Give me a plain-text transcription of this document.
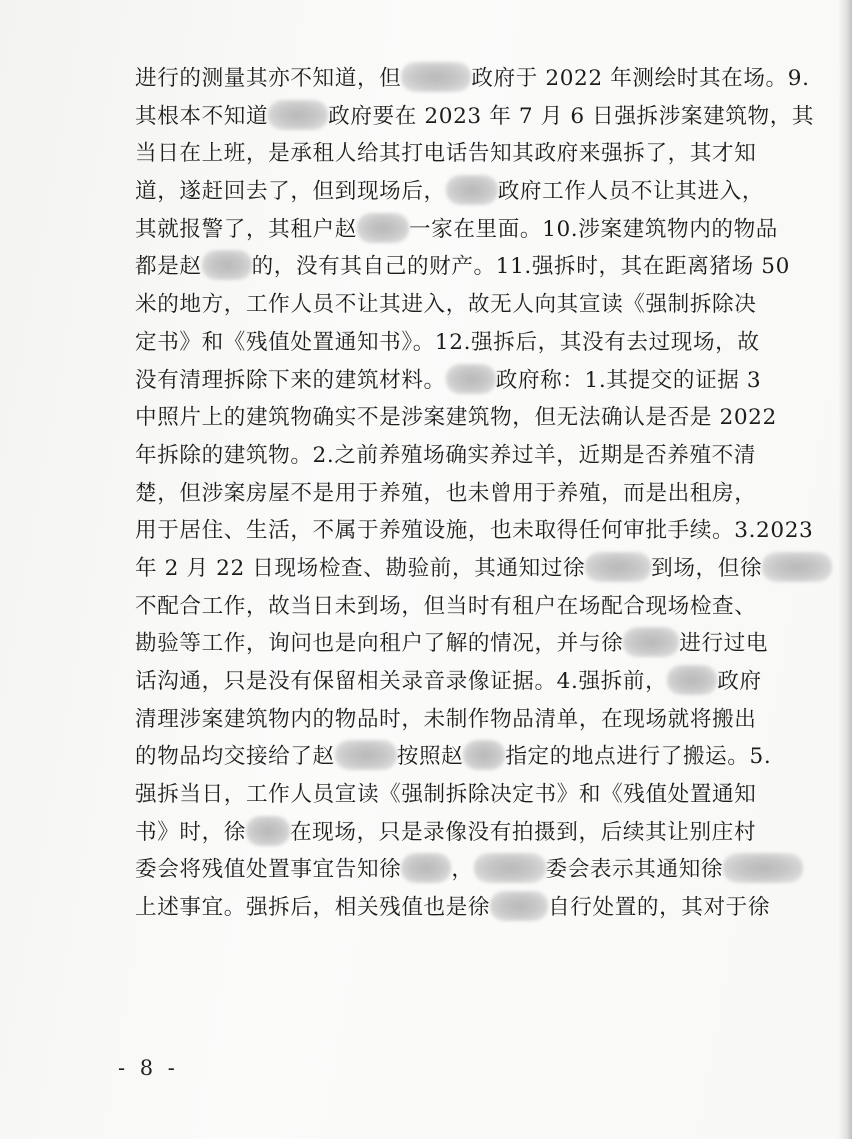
进行的测量其亦不知道，但	政府于 2022 年测绘时其在场。9.
其根本不知道	政府要在 2023 年 7 月 6 日强拆涉案建筑物，其
当日在上班，是承租人给其打电话告知其政府来强拆了，其才知
道，遂赶回去了，但到现场后， 政府工作人员不让其进入，
其就报警了，其租户赵 一家在里面。10.涉案建筑物内的物品
都是赵 的，没有其自己的财产。11.强拆时，其在距离猪场 50
米的地方，工作人员不让其进入，故无人向其宣读《强制拆除决
定书》和《残值处置通知书》。12.强拆后，其没有去过现场，故
没有清理拆除下来的建筑材料。 政府称：1.其提交的证据 3
中照片上的建筑物确实不是涉案建筑物，但无法确认是否是 2022
年拆除的建筑物。2.之前养殖场确实养过羊，近期是否养殖不清
楚，但涉案房屋不是用于养殖，也未曾用于养殖，而是出租房，
用于居住、生活，不属于养殖设施，也未取得任何审批手续。3.2023
年 2 月 22 日现场检查、勘验前，其通知过徐	到场，但徐
不配合工作，故当日未到场，但当时有租户在场配合现场检查、
勘验等工作，询问也是向租户了解的情况，并与徐	进行过电
话沟通，只是没有保留相关录音录像证据。4.强拆前， 政府
清理涉案建筑物内的物品时，未制作物品清单，在现场就将搬出
的物品均交接给了赵	按照赵 指定的地点进行了搬运。5.
强拆当日，工作人员宣读《强制拆除决定书》和《残值处置通知
书》时，徐 在现场，只是录像没有拍摄到，后续其让别庄村
委会将残值处置事宜告知徐 ，	委会表示其通知徐
上述事宜。强拆后，相关残值也是徐	自行处置的，其对于徐
- 8 -
